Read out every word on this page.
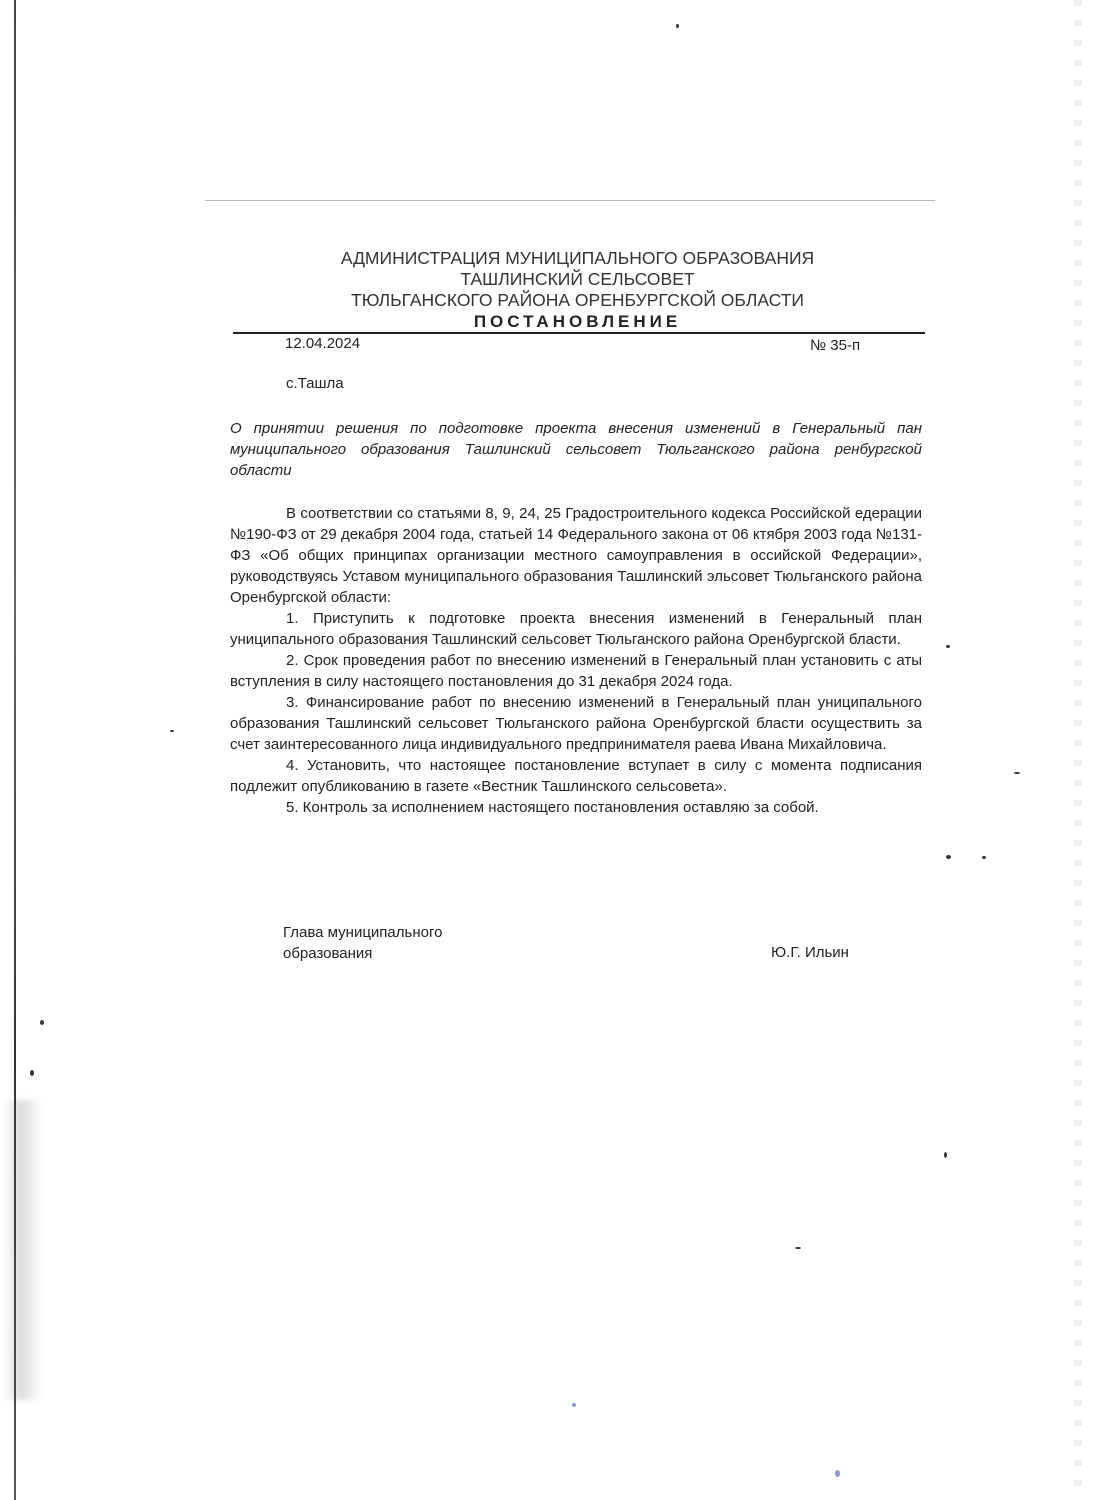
АДМИНИСТРАЦИЯ МУНИЦИПАЛЬНОГО ОБРАЗОВАНИЯ
ТАШЛИНСКИЙ СЕЛЬСОВЕТ
ТЮЛЬГАНСКОГО РАЙОНА ОРЕНБУРГСКОЙ ОБЛАСТИ
ПОСТАНОВЛЕНИЕ
12.04.2024	№ 35-п
с.Ташла
О принятии решения по подготовке проекта внесения изменений в Генеральный пан муниципального образования Ташлинский сельсовет Тюльганского района ренбургской области

В соответствии со статьями 8, 9, 24, 25 Градостроительного кодекса Российской едерации №190-ФЗ от 29 декабря 2004 года, статьей 14 Федерального закона от 06 ктября 2003 года №131-ФЗ «Об общих принципах организации местного самоуправления в оссийской Федерации», руководствуясь Уставом муниципального образования Ташлинский эльсовет Тюльганского района Оренбургской области:

1. Приступить к подготовке проекта внесения изменений в Генеральный план униципального образования Ташлинский сельсовет Тюльганского района Оренбургской бласти.

2. Срок проведения работ по внесению изменений в Генеральный план установить с аты вступления в силу настоящего постановления до 31 декабря 2024 года.

3. Финансирование работ по внесению изменений в Генеральный план униципального образования Ташлинский сельсовет Тюльганского района Оренбургской бласти осуществить за счет заинтересованного лица индивидуального предпринимателя раева Ивана Михайловича.

4. Установить, что настоящее постановление вступает в силу с момента подписания подлежит опубликованию в газете «Вестник Ташлинского сельсовета».

5. Контроль за исполнением настоящего постановления оставляю за собой.

Глава муниципального
образования	Ю.Г. Ильин
